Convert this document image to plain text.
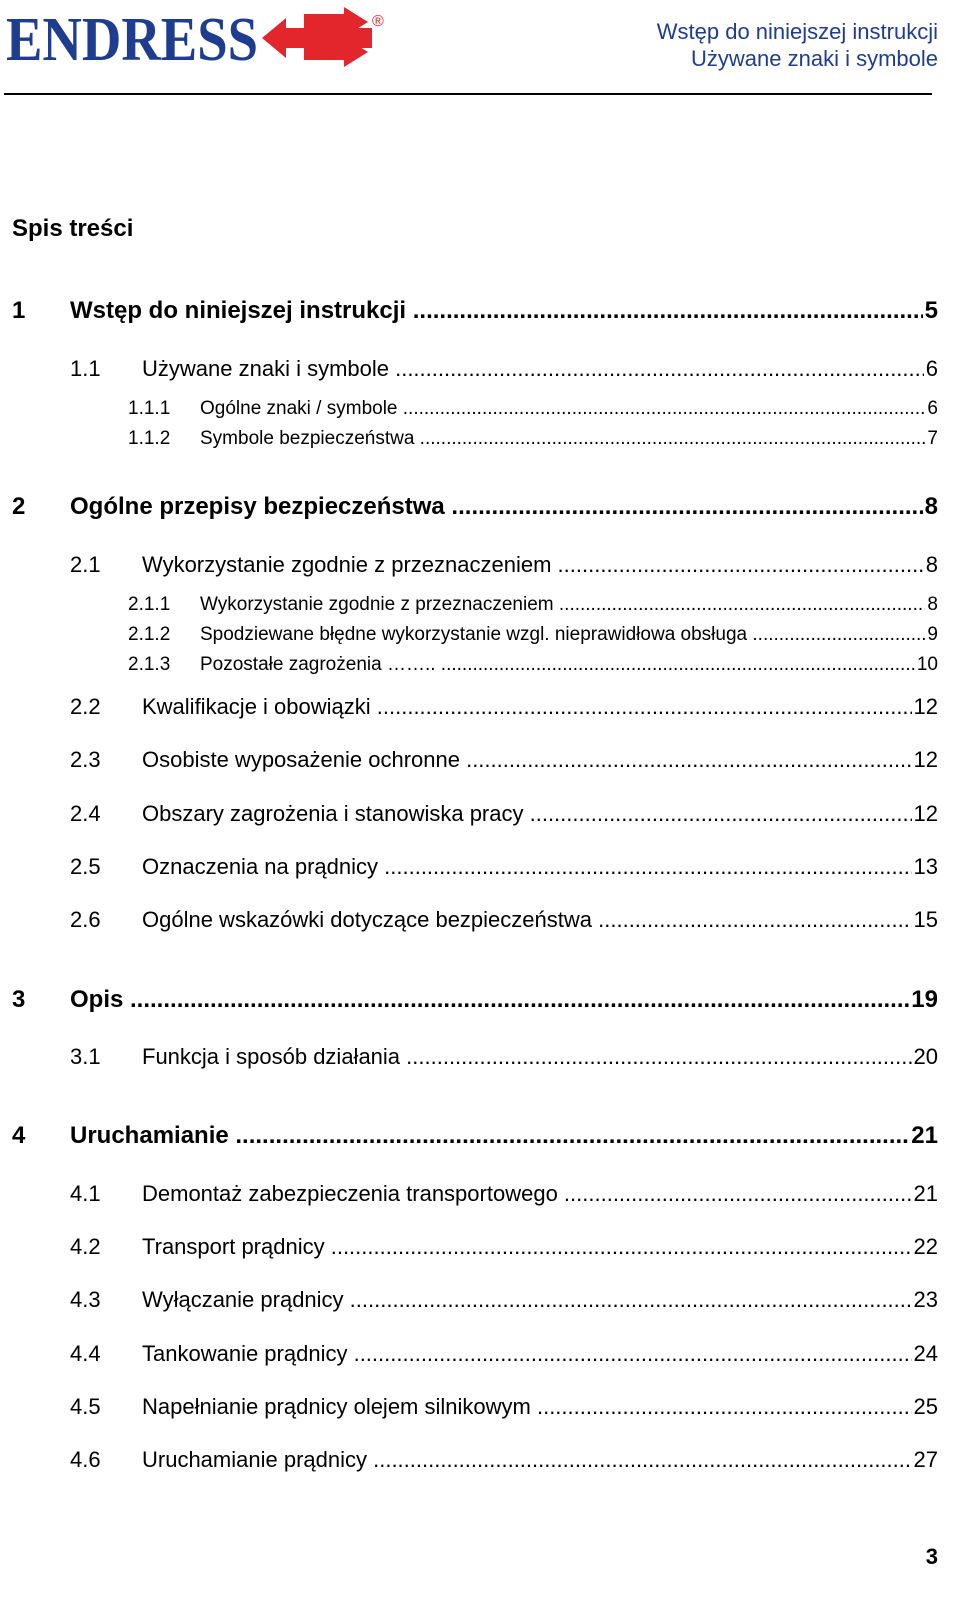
ENDRESS	®	Wstęp do niniejszej instrukcji
Używane znaki i symbole
Spis treści
1 Wstęp do niniejszej instrukcji .....	5
1.1 Używane znaki i symbole .....	6
1.1.1 Ogólne znaki / symbole .....	6
1.1.2 Symbole bezpieczeństwa .....	7
2 Ogólne przepisy bezpieczeństwa .....	8
2.1 Wykorzystanie zgodnie z przeznaczeniem .....	8
2.1.1 Wykorzystanie zgodnie z przeznaczeniem .....	8
2.1.2 Spodziewane błędne wykorzystanie wzgl. nieprawidłowa obsługa .....	9
2.1.3 Pozostałe zagrożenia …….. .....	10
2.2 Kwalifikacje i obowiązki .....	12
2.3 Osobiste wyposażenie ochronne .....	12
2.4 Obszary zagrożenia i stanowiska pracy .....	12
2.5 Oznaczenia na prądnicy .....	13
2.6 Ogólne wskazówki dotyczące bezpieczeństwa .....	15
3 Opis .....	19
3.1 Funkcja i sposób działania .....	20
4 Uruchamianie .....	21
4.1 Demontaż zabezpieczenia transportowego .....	21
4.2 Transport prądnicy .....	22
4.3 Wyłączanie prądnicy .....	23
4.4 Tankowanie prądnicy .....	24
4.5 Napełnianie prądnicy olejem silnikowym .....	25
4.6 Uruchamianie prądnicy .....	27
3
